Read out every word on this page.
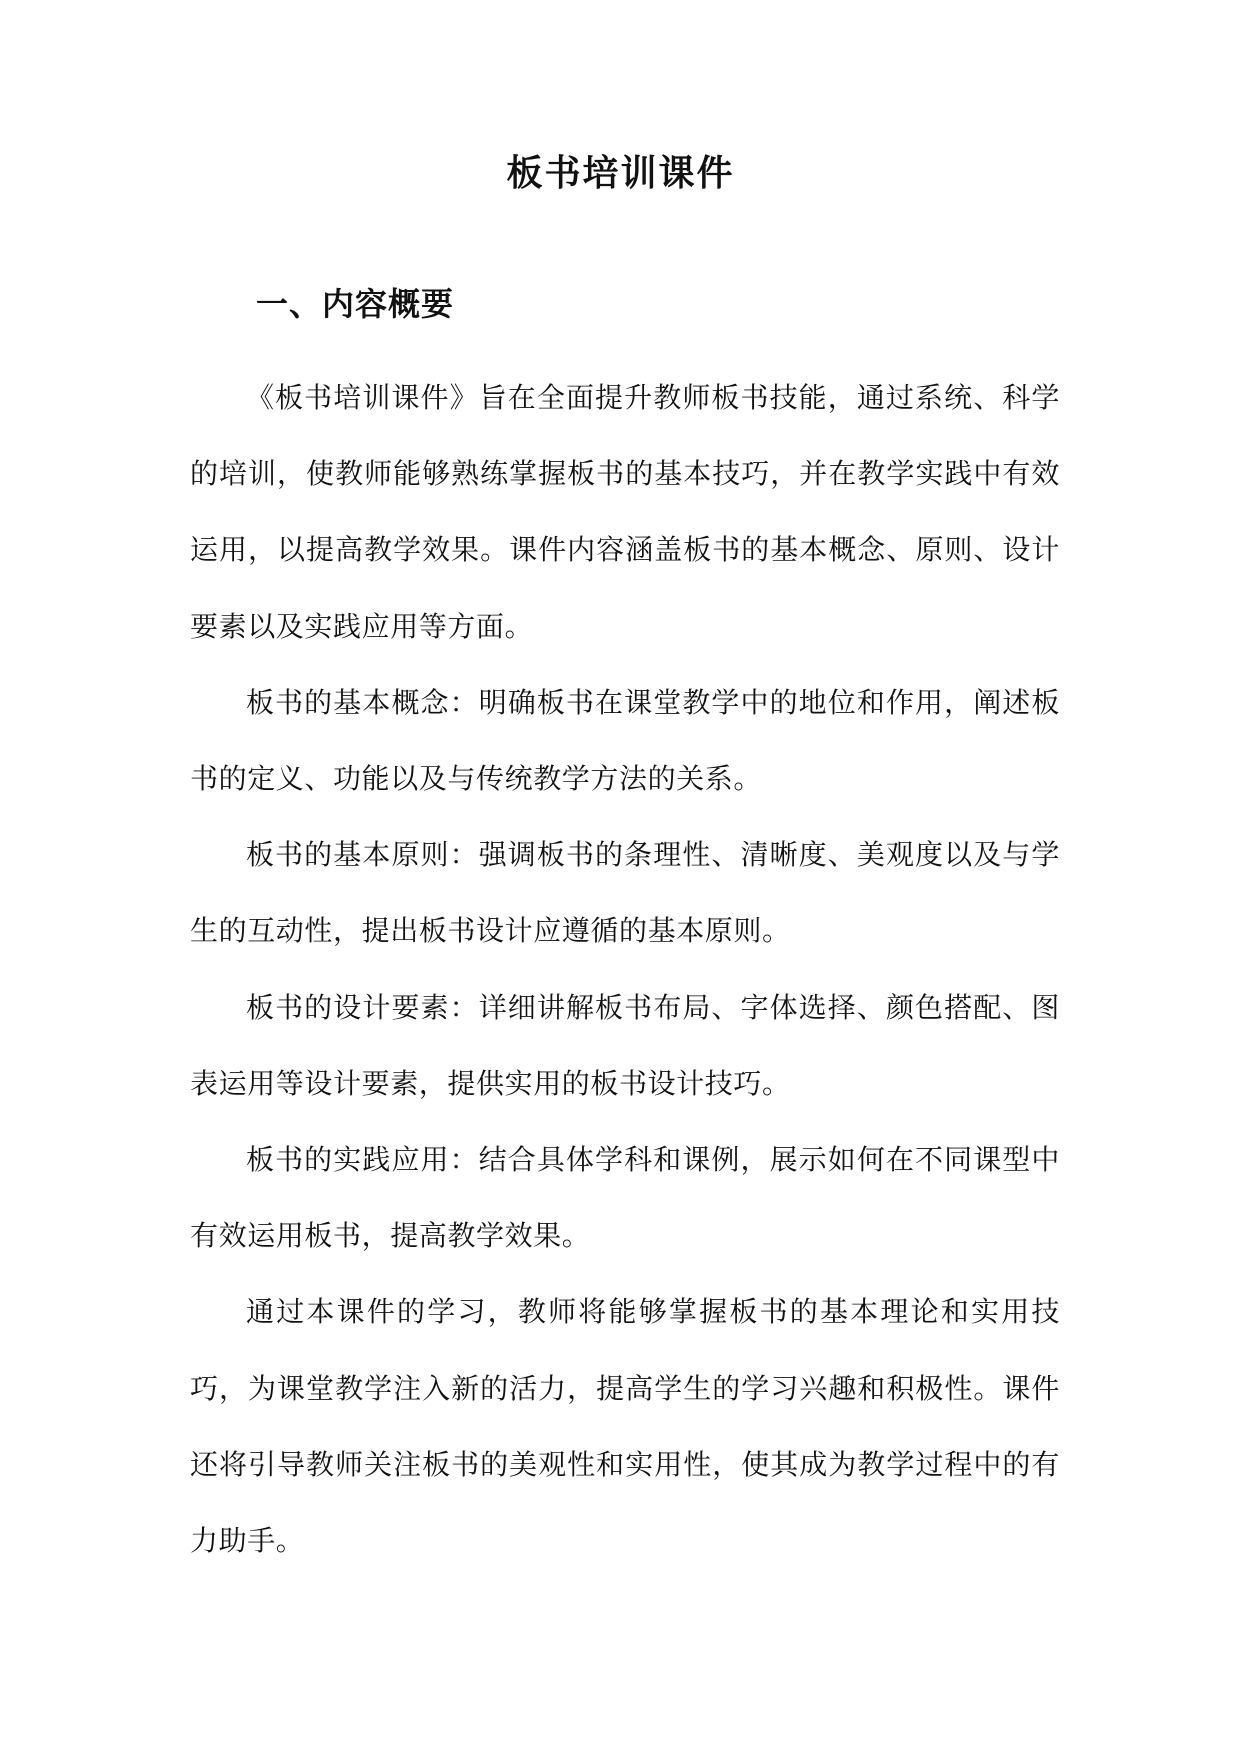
板书培训课件
一、内容概要

《板书培训课件》旨在全面提升教师板书技能，通过系统、科学的培训，使教师能够熟练掌握板书的基本技巧，并在教学实践中有效运用，以提高教学效果。课件内容涵盖板书的基本概念、原则、设计要素以及实践应用等方面。

板书的基本概念：明确板书在课堂教学中的地位和作用，阐述板书的定义、功能以及与传统教学方法的关系。

板书的基本原则：强调板书的条理性、清晰度、美观度以及与学生的互动性，提出板书设计应遵循的基本原则。

板书的设计要素：详细讲解板书布局、字体选择、颜色搭配、图表运用等设计要素，提供实用的板书设计技巧。

板书的实践应用：结合具体学科和课例，展示如何在不同课型中有效运用板书，提高教学效果。

通过本课件的学习，教师将能够掌握板书的基本理论和实用技巧，为课堂教学注入新的活力，提高学生的学习兴趣和积极性。课件还将引导教师关注板书的美观性和实用性，使其成为教学过程中的有力助手。
